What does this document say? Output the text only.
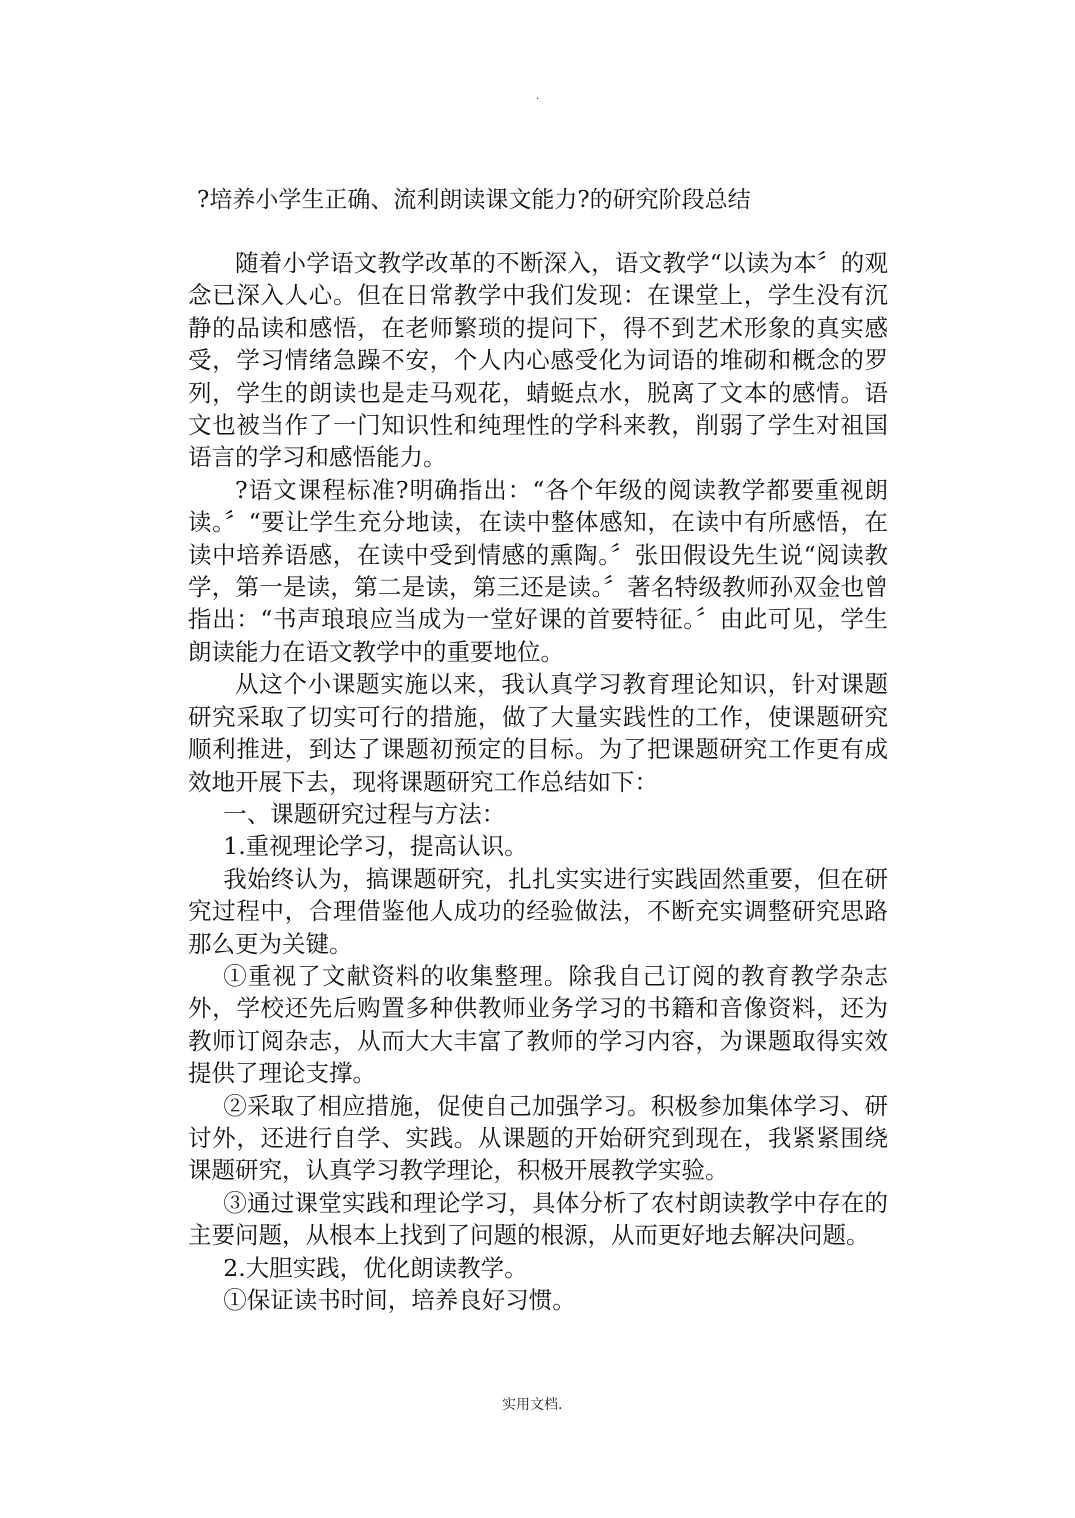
.
?培养小学生正确、流利朗读课文能力?的研究阶段总结

随着小学语文教学改革的不断深入，语文教学“以读为本〞的观念已深入人心。但在日常教学中我们发现：在课堂上，学生没有沉静的品读和感悟，在老师繁琐的提问下，得不到艺术形象的真实感受，学习情绪急躁不安，个人内心感受化为词语的堆砌和概念的罗列，学生的朗读也是走马观花，蜻蜓点水，脱离了文本的感情。语文也被当作了一门知识性和纯理性的学科来教，削弱了学生对祖国语言的学习和感悟能力。

?语文课程标准?明确指出：“各个年级的阅读教学都要重视朗读。〞“要让学生充分地读，在读中整体感知，在读中有所感悟，在读中培养语感，在读中受到情感的熏陶。〞张田假设先生说“阅读教学，第一是读，第二是读，第三还是读。〞著名特级教师孙双金也曾指出：“书声琅琅应当成为一堂好课的首要特征。〞由此可见，学生朗读能力在语文教学中的重要地位。

从这个小课题实施以来，我认真学习教育理论知识，针对课题研究采取了切实可行的措施，做了大量实践性的工作，使课题研究顺利推进，到达了课题初预定的目标。为了把课题研究工作更有成效地开展下去，现将课题研究工作总结如下：

一、课题研究过程与方法：

1.重视理论学习，提高认识。

我始终认为，搞课题研究，扎扎实实进行实践固然重要，但在研究过程中，合理借鉴他人成功的经验做法，不断充实调整研究思路那么更为关键。

①重视了文献资料的收集整理。除我自己订阅的教育教学杂志外，学校还先后购置多种供教师业务学习的书籍和音像资料，还为教师订阅杂志，从而大大丰富了教师的学习内容，为课题取得实效提供了理论支撑。

②采取了相应措施，促使自己加强学习。积极参加集体学习、研讨外，还进行自学、实践。从课题的开始研究到现在，我紧紧围绕课题研究，认真学习教学理论，积极开展教学实验。

③通过课堂实践和理论学习，具体分析了农村朗读教学中存在的主要问题，从根本上找到了问题的根源，从而更好地去解决问题。

2.大胆实践，优化朗读教学。

①保证读书时间，培养良好习惯。

实用文档.
